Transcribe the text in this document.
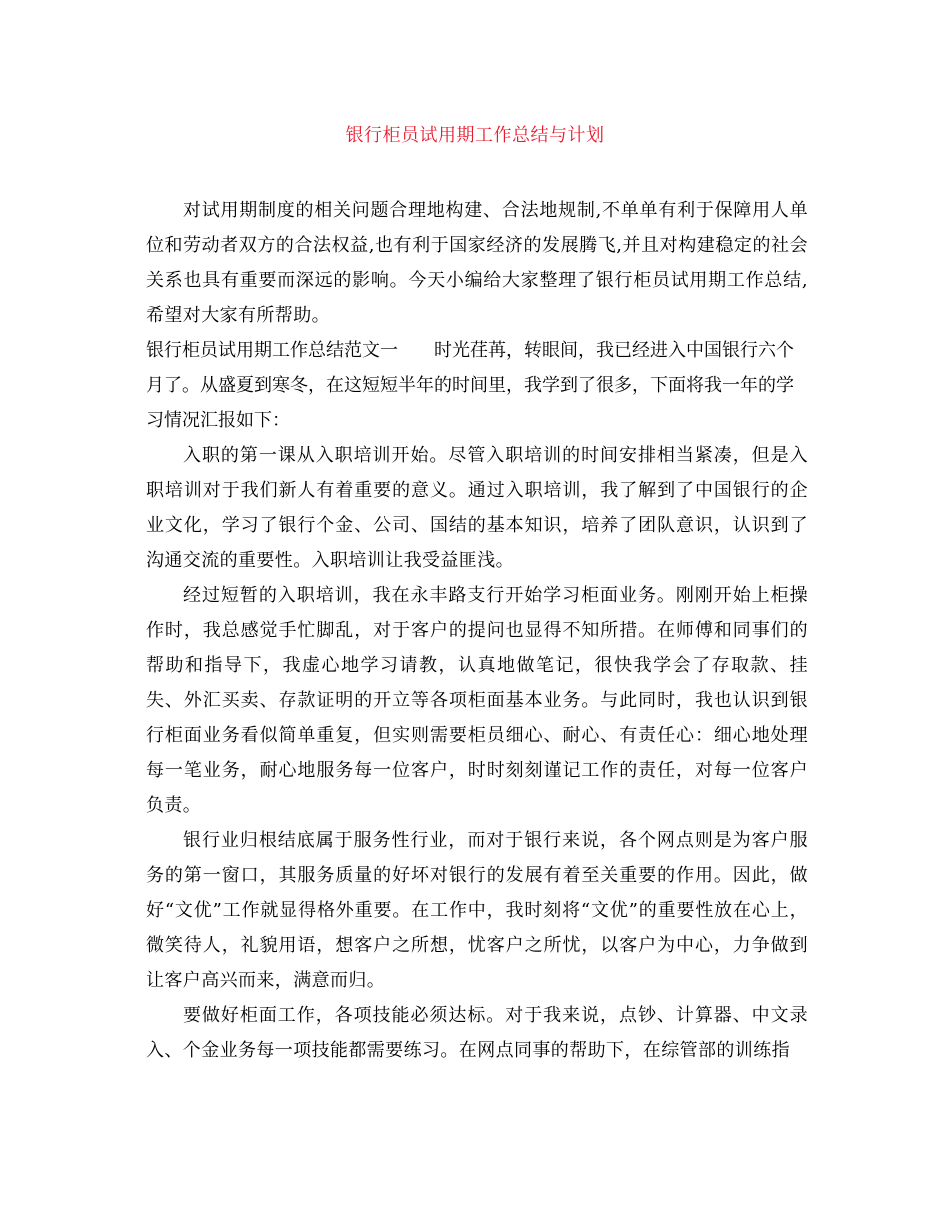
银行柜员试用期工作总结与计划

对试用期制度的相关问题合理地构建、合法地规制,不单单有利于保障用人单位和劳动者双方的合法权益,也有利于国家经济的发展腾飞,并且对构建稳定的社会关系也具有重要而深远的影响。今天小编给大家整理了银行柜员试用期工作总结,希望对大家有所帮助。

银行柜员试用期工作总结范文一 时光荏苒，转眼间，我已经进入中国银行六个月了。从盛夏到寒冬，在这短短半年的时间里，我学到了很多，下面将我一年的学习情况汇报如下：

入职的第一课从入职培训开始。尽管入职培训的时间安排相当紧凑，但是入职培训对于我们新人有着重要的意义。通过入职培训，我了解到了中国银行的企业文化，学习了银行个金、公司、国结的基本知识，培养了团队意识，认识到了沟通交流的重要性。入职培训让我受益匪浅。

经过短暂的入职培训，我在永丰路支行开始学习柜面业务。刚刚开始上柜操作时，我总感觉手忙脚乱，对于客户的提问也显得不知所措。在师傅和同事们的帮助和指导下，我虚心地学习请教，认真地做笔记，很快我学会了存取款、挂失、外汇买卖、存款证明的开立等各项柜面基本业务。与此同时，我也认识到银行柜面业务看似简单重复，但实则需要柜员细心、耐心、有责任心：细心地处理每一笔业务，耐心地服务每一位客户，时时刻刻谨记工作的责任，对每一位客户负责。

银行业归根结底属于服务性行业，而对于银行来说，各个网点则是为客户服务的第一窗口，其服务质量的好坏对银行的发展有着至关重要的作用。因此，做好“文优”工作就显得格外重要。在工作中，我时刻将“文优”的重要性放在心上，微笑待人，礼貌用语，想客户之所想，忧客户之所忧，以客户为中心，力争做到让客户高兴而来，满意而归。

要做好柜面工作，各项技能必须达标。对于我来说，点钞、计算器、中文录入、个金业务每一项技能都需要练习。在网点同事的帮助下，在综管部的训练指
